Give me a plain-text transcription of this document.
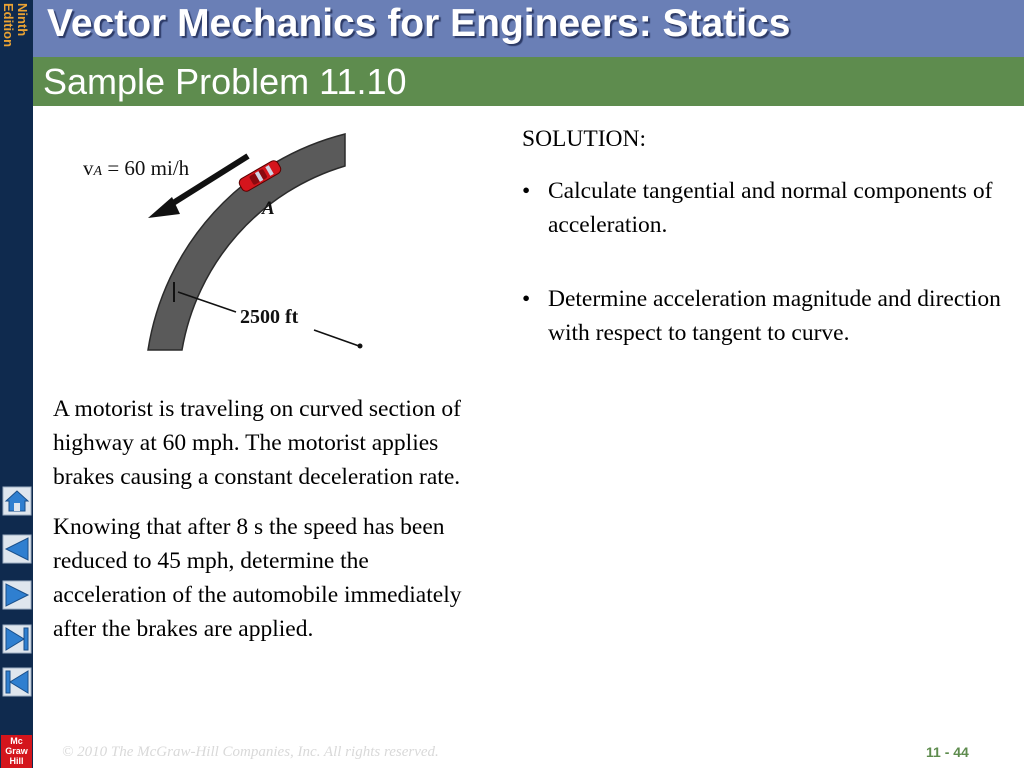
Ninth
Edition
Mc
Graw
Hill
Vector Mechanics for Engineers: Statics
Sample Problem 11.10
vA = 60 mi/h
A
2500 ft

A motorist is traveling on curved section of highway at 60 mph. The motorist applies brakes causing a constant deceleration rate.

Knowing that after 8 s the speed has been reduced to 45 mph, determine the acceleration of the automobile immediately after the brakes are applied.

SOLUTION:
• Calculate tangential and normal components of acceleration.
• Determine acceleration magnitude and direction with respect to tangent to curve.
© 2010 The McGraw-Hill Companies, Inc. All rights reserved.	11 - 44
